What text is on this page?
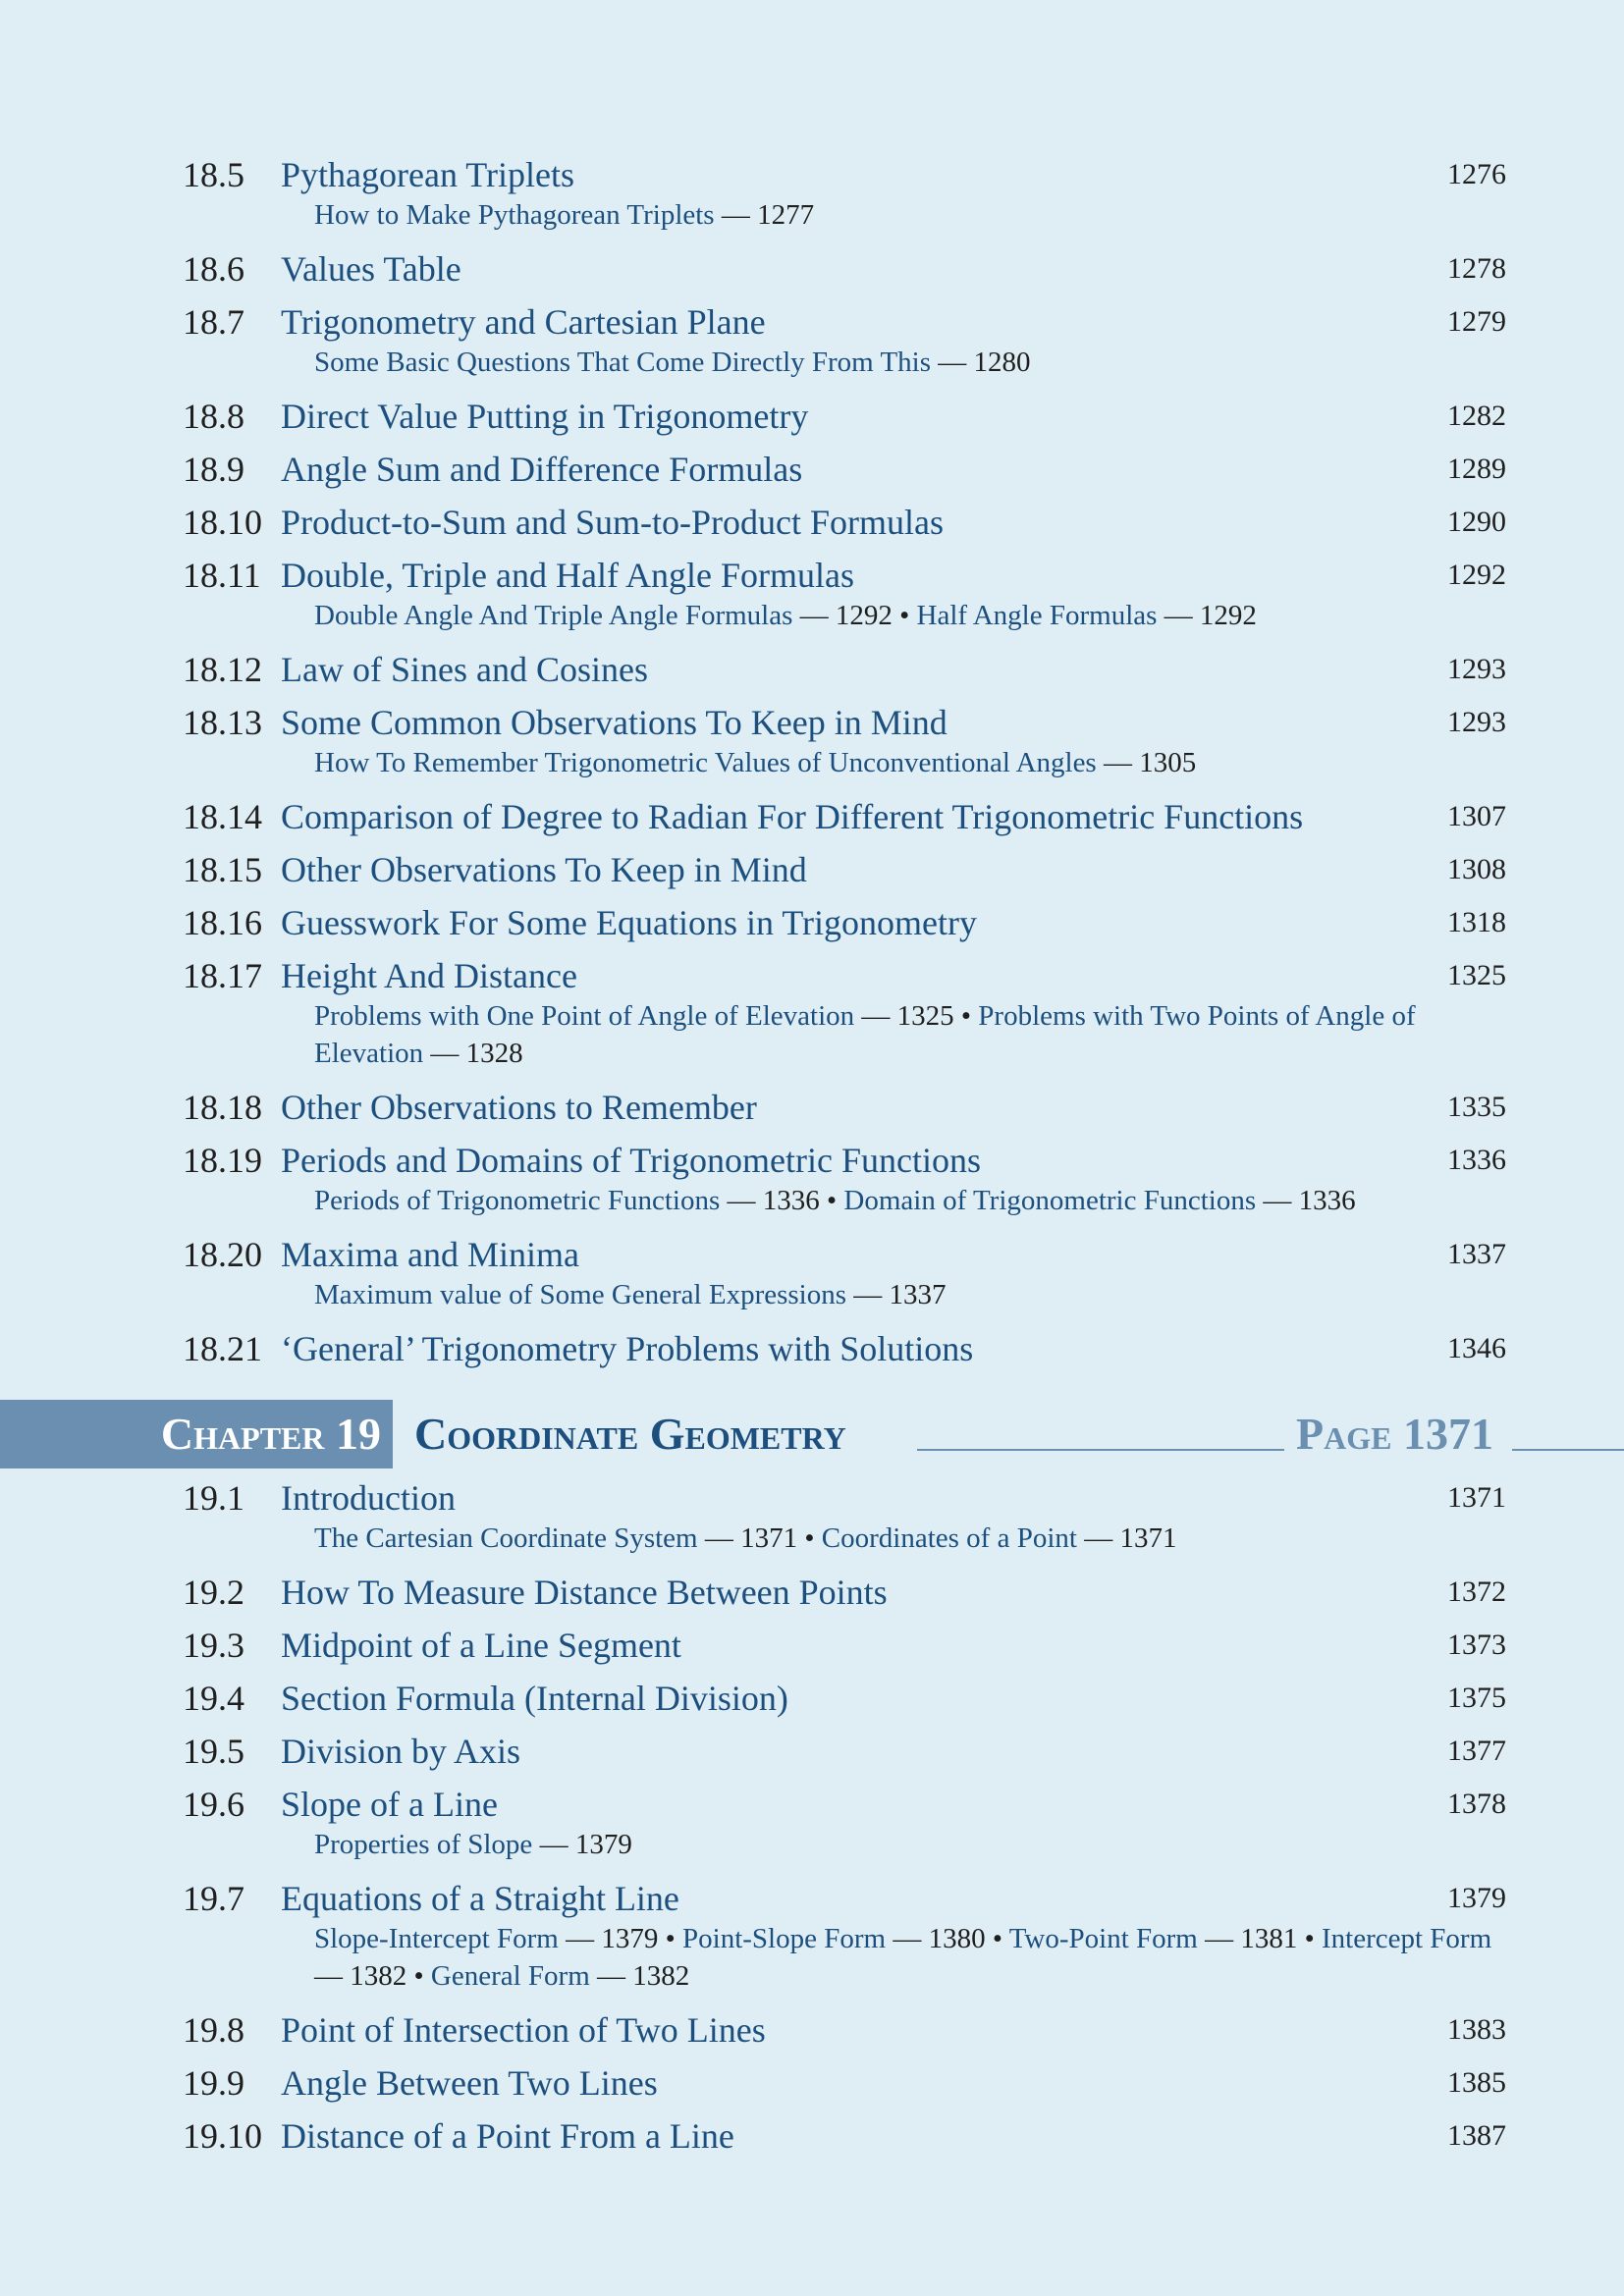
18.5 Pythagorean Triplets	1276
How to Make Pythagorean Triplets — 1277
18.6 Values Table	1278
18.7 Trigonometry and Cartesian Plane	1279
Some Basic Questions That Come Directly From This — 1280
18.8 Direct Value Putting in Trigonometry	1282
18.9 Angle Sum and Difference Formulas	1289
18.10 Product-to-Sum and Sum-to-Product Formulas	1290
18.11 Double, Triple and Half Angle Formulas	1292
Double Angle And Triple Angle Formulas — 1292 • Half Angle Formulas — 1292
18.12 Law of Sines and Cosines	1293
18.13 Some Common Observations To Keep in Mind	1293
How To Remember Trigonometric Values of Unconventional Angles — 1305
18.14 Comparison of Degree to Radian For Different Trigonometric Functions	1307
18.15 Other Observations To Keep in Mind	1308
18.16 Guesswork For Some Equations in Trigonometry	1318
18.17 Height And Distance	1325
Problems with One Point of Angle of Elevation — 1325 • Problems with Two Points of Angle of Elevation — 1328
18.18 Other Observations to Remember	1335
18.19 Periods and Domains of Trigonometric Functions	1336
Periods of Trigonometric Functions — 1336 • Domain of Trigonometric Functions — 1336
18.20 Maxima and Minima	1337
Maximum value of Some General Expressions — 1337
18.21 ‘General’ Trigonometry Problems with Solutions	1346
Chapter 19 Coordinate Geometry	Page 1371
19.1 Introduction	1371
The Cartesian Coordinate System — 1371 • Coordinates of a Point — 1371
19.2 How To Measure Distance Between Points	1372
19.3 Midpoint of a Line Segment	1373
19.4 Section Formula (Internal Division)	1375
19.5 Division by Axis	1377
19.6 Slope of a Line	1378
Properties of Slope — 1379
19.7 Equations of a Straight Line	1379
Slope-Intercept Form — 1379 • Point-Slope Form — 1380 • Two-Point Form — 1381 • Intercept Form — 1382 • General Form — 1382
19.8 Point of Intersection of Two Lines	1383
19.9 Angle Between Two Lines	1385
19.10 Distance of a Point From a Line	1387
